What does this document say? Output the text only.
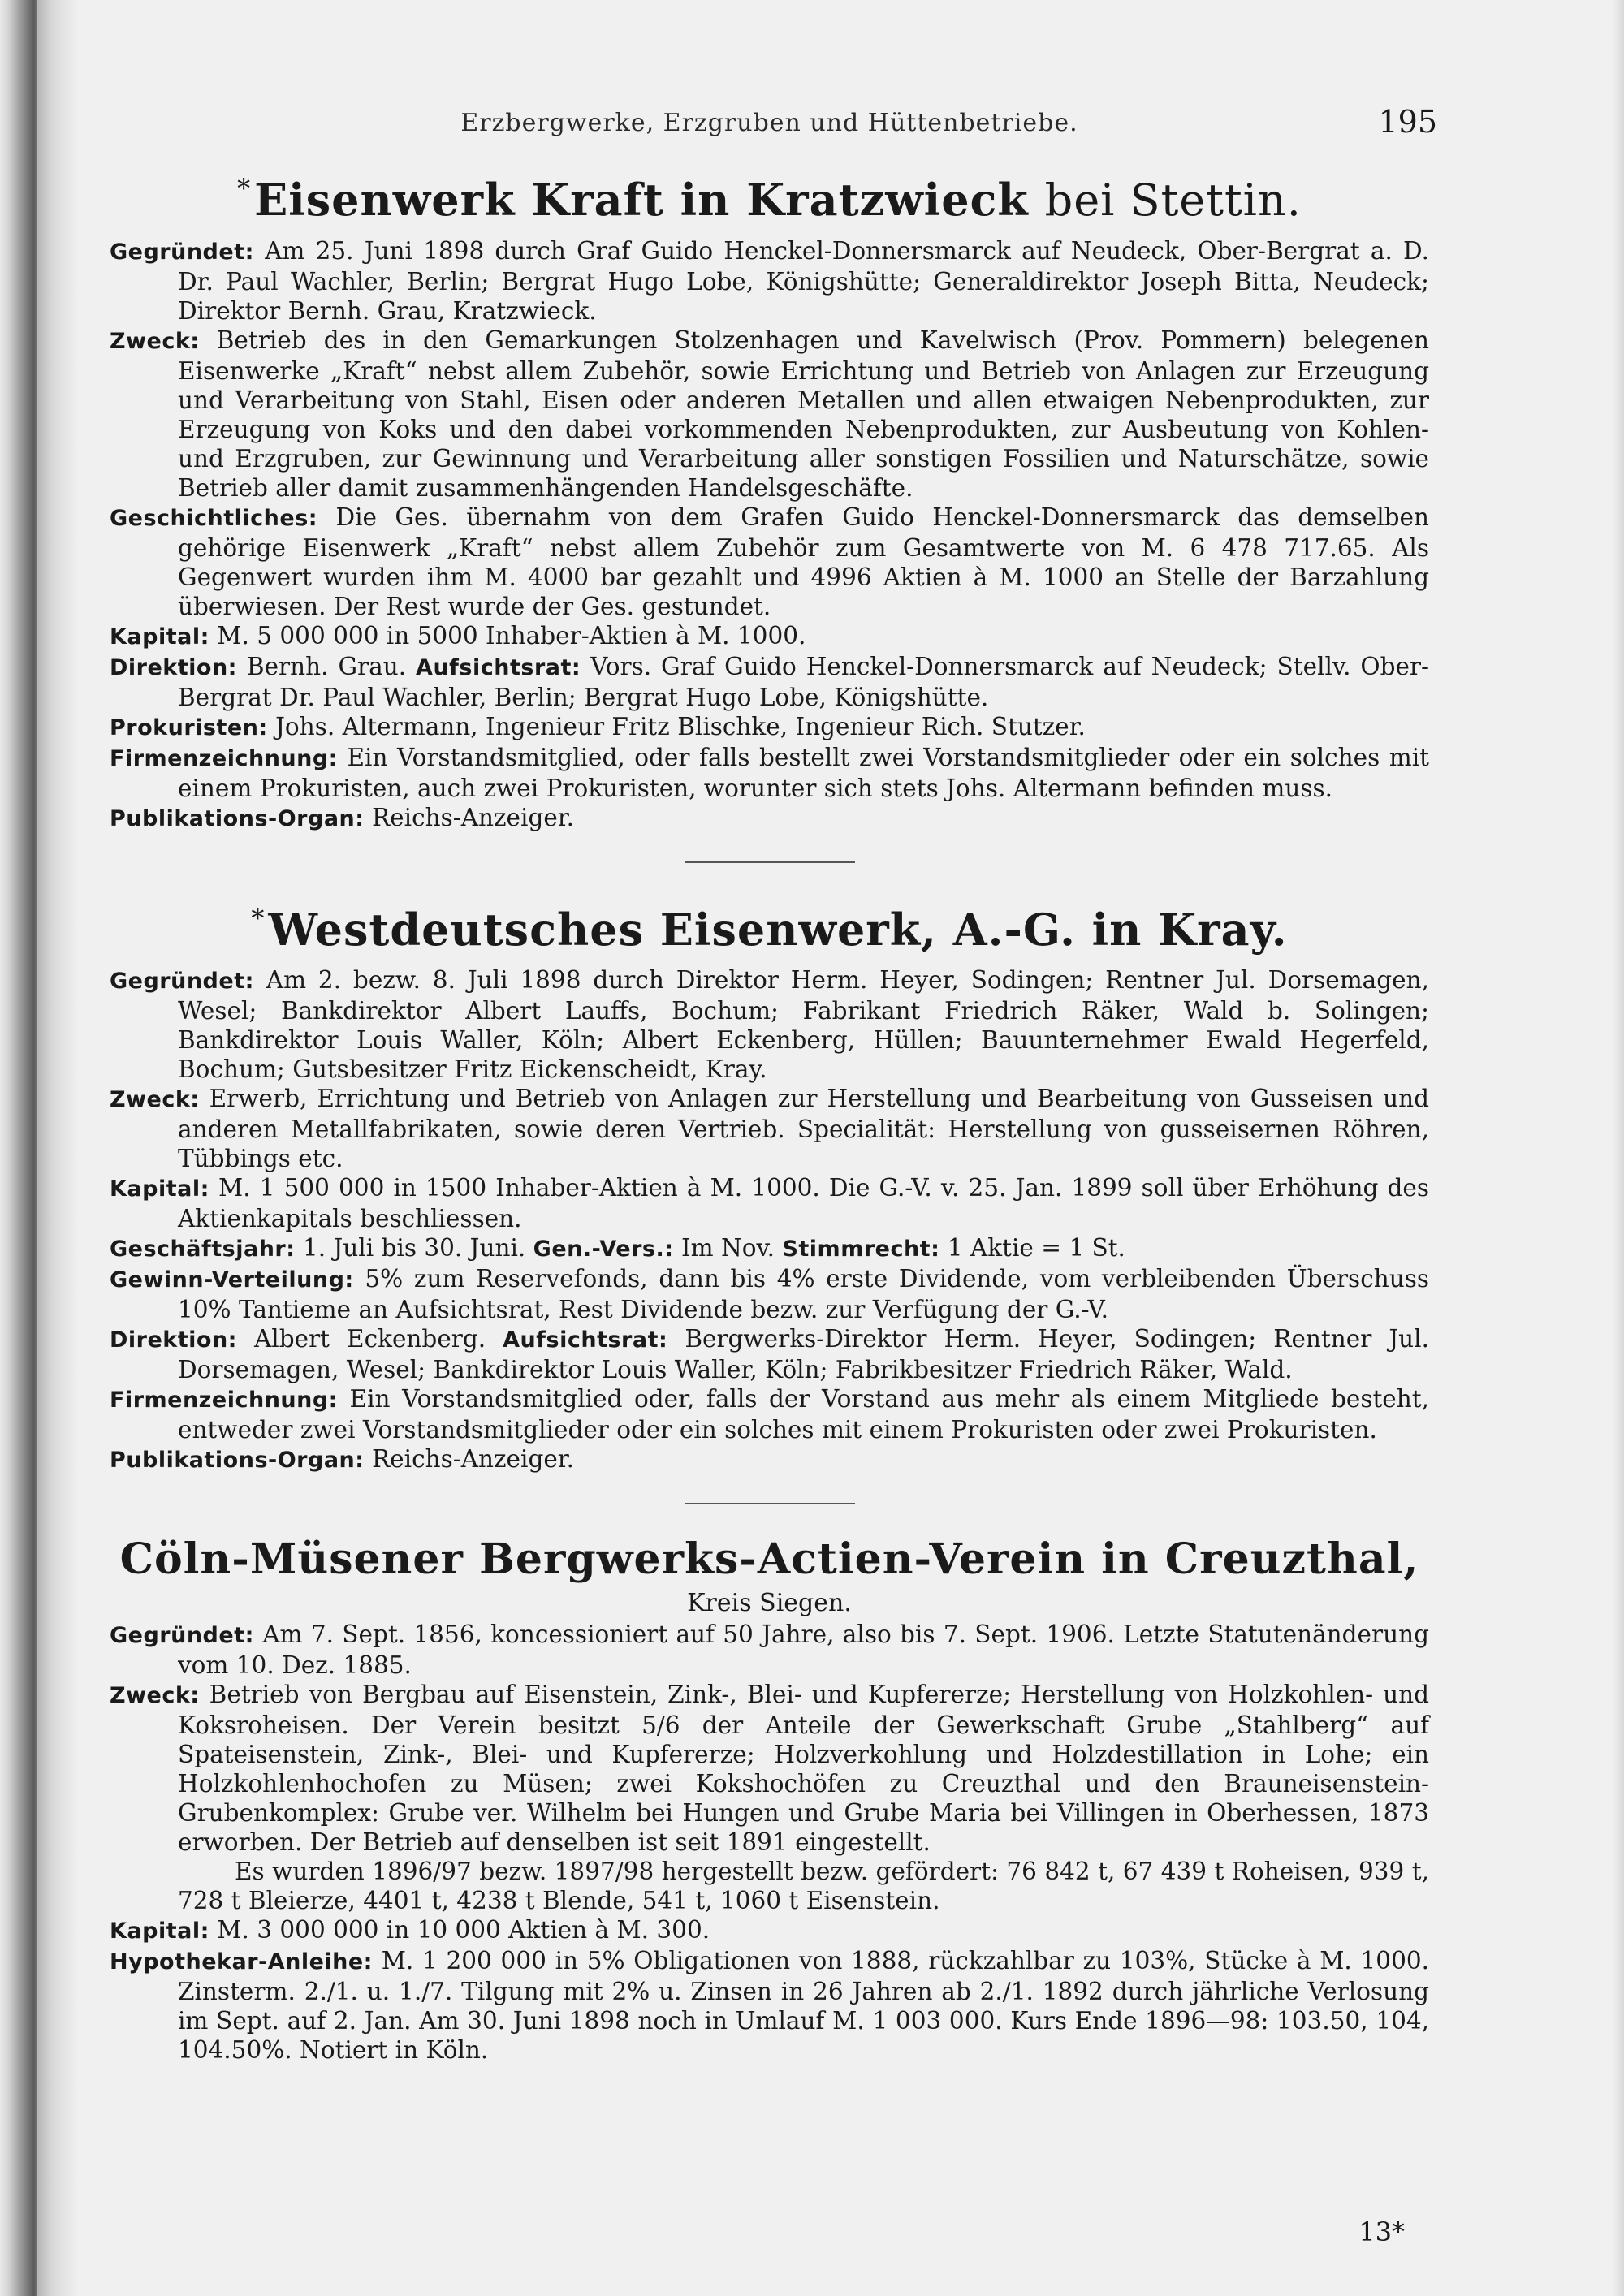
Erzbergwerke, Erzgruben und Hüttenbetriebe.	195
*Eisenwerk Kraft in Kratzwieck bei Stettin.
Gegründet: Am 25. Juni 1898 durch Graf Guido Henckel-Donnersmarck auf Neudeck, Ober-Bergrat a. D. Dr. Paul Wachler, Berlin; Bergrat Hugo Lobe, Königshütte; Generaldirektor Joseph Bitta, Neudeck; Direktor Bernh. Grau, Kratzwieck.
Zweck: Betrieb des in den Gemarkungen Stolzenhagen und Kavelwisch (Prov. Pommern) belegenen Eisenwerke „Kraft“ nebst allem Zubehör, sowie Errichtung und Betrieb von Anlagen zur Erzeugung und Verarbeitung von Stahl, Eisen oder anderen Metallen und allen etwaigen Nebenprodukten, zur Erzeugung von Koks und den dabei vorkommenden Nebenprodukten, zur Ausbeutung von Kohlen- und Erzgruben, zur Gewinnung und Verarbeitung aller sonstigen Fossilien und Naturschätze, sowie Betrieb aller damit zusammenhängenden Handelsgeschäfte.
Geschichtliches: Die Ges. übernahm von dem Grafen Guido Henckel-Donnersmarck das demselben gehörige Eisenwerk „Kraft“ nebst allem Zubehör zum Gesamtwerte von M. 6 478 717.65. Als Gegenwert wurden ihm M. 4000 bar gezahlt und 4996 Aktien à M. 1000 an Stelle der Barzahlung überwiesen. Der Rest wurde der Ges. gestundet.
Kapital: M. 5 000 000 in 5000 Inhaber-Aktien à M. 1000.
Direktion: Bernh. Grau. Aufsichtsrat: Vors. Graf Guido Henckel-Donnersmarck auf Neudeck; Stellv. Ober-Bergrat Dr. Paul Wachler, Berlin; Bergrat Hugo Lobe, Königshütte.
Prokuristen: Johs. Altermann, Ingenieur Fritz Blischke, Ingenieur Rich. Stutzer.
Firmenzeichnung: Ein Vorstandsmitglied, oder falls bestellt zwei Vorstandsmitglieder oder ein solches mit einem Prokuristen, auch zwei Prokuristen, worunter sich stets Johs. Altermann befinden muss.
Publikations-Organ: Reichs-Anzeiger.
*Westdeutsches Eisenwerk, A.-G. in Kray.
Gegründet: Am 2. bezw. 8. Juli 1898 durch Direktor Herm. Heyer, Sodingen; Rentner Jul. Dorsemagen, Wesel; Bankdirektor Albert Lauffs, Bochum; Fabrikant Friedrich Räker, Wald b. Solingen; Bankdirektor Louis Waller, Köln; Albert Eckenberg, Hüllen; Bauunternehmer Ewald Hegerfeld, Bochum; Gutsbesitzer Fritz Eickenscheidt, Kray.
Zweck: Erwerb, Errichtung und Betrieb von Anlagen zur Herstellung und Bearbeitung von Gusseisen und anderen Metallfabrikaten, sowie deren Vertrieb. Specialität: Herstellung von gusseisernen Röhren, Tübbings etc.
Kapital: M. 1 500 000 in 1500 Inhaber-Aktien à M. 1000. Die G.-V. v. 25. Jan. 1899 soll über Erhöhung des Aktienkapitals beschliessen.
Geschäftsjahr: 1. Juli bis 30. Juni. Gen.-Vers.: Im Nov. Stimmrecht: 1 Aktie = 1 St.
Gewinn-Verteilung: 5% zum Reservefonds, dann bis 4% erste Dividende, vom verbleibenden Überschuss 10% Tantieme an Aufsichtsrat, Rest Dividende bezw. zur Verfügung der G.-V.
Direktion: Albert Eckenberg. Aufsichtsrat: Bergwerks-Direktor Herm. Heyer, Sodingen; Rentner Jul. Dorsemagen, Wesel; Bankdirektor Louis Waller, Köln; Fabrikbesitzer Friedrich Räker, Wald.
Firmenzeichnung: Ein Vorstandsmitglied oder, falls der Vorstand aus mehr als einem Mitgliede besteht, entweder zwei Vorstandsmitglieder oder ein solches mit einem Prokuristen oder zwei Prokuristen.
Publikations-Organ: Reichs-Anzeiger.
Cöln-Müsener Bergwerks-Actien-Verein in Creuzthal,
Kreis Siegen.
Gegründet: Am 7. Sept. 1856, koncessioniert auf 50 Jahre, also bis 7. Sept. 1906. Letzte Statutenänderung vom 10. Dez. 1885.
Zweck: Betrieb von Bergbau auf Eisenstein, Zink-, Blei- und Kupfererze; Herstellung von Holzkohlen- und Koksroheisen. Der Verein besitzt 5/6 der Anteile der Gewerkschaft Grube „Stahlberg“ auf Spateisenstein, Zink-, Blei- und Kupfererze; Holzverkohlung und Holzdestillation in Lohe; ein Holzkohlenhochofen zu Müsen; zwei Kokshochöfen zu Creuzthal und den Brauneisenstein-Grubenkomplex: Grube ver. Wilhelm bei Hungen und Grube Maria bei Villingen in Oberhessen, 1873 erworben. Der Betrieb auf denselben ist seit 1891 eingestellt.
Es wurden 1896/97 bezw. 1897/98 hergestellt bezw. gefördert: 76 842 t, 67 439 t Roheisen, 939 t, 728 t Bleierze, 4401 t, 4238 t Blende, 541 t, 1060 t Eisenstein.
Kapital: M. 3 000 000 in 10 000 Aktien à M. 300.
Hypothekar-Anleihe: M. 1 200 000 in 5% Obligationen von 1888, rückzahlbar zu 103%, Stücke à M. 1000. Zinsterm. 2./1. u. 1./7. Tilgung mit 2% u. Zinsen in 26 Jahren ab 2./1. 1892 durch jährliche Verlosung im Sept. auf 2. Jan. Am 30. Juni 1898 noch in Umlauf M. 1 003 000. Kurs Ende 1896—98: 103.50, 104, 104.50%. Notiert in Köln.
13*
